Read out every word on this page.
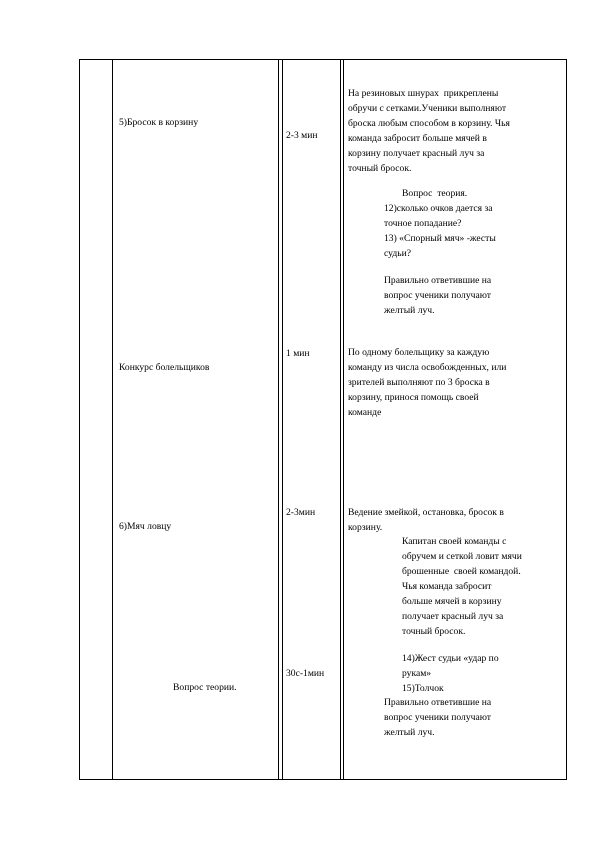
5)Бросок в корзину
Конкурс болельщиков
6)Мяч ловцу
Вопрос теории.
2-3 мин
1 мин
2-3мин
30с-1мин
На резиновых шнурах  прикреплены
обручи с сетками.Ученики выполняют
броска любым способом в корзину. Чья
команда забросит больше мячей в
корзину получает красный луч за
точный бросок.
Вопрос  теория.
12)сколько очков дается за
точное попадание?
13) «Спорный мяч» -жесты
судьи?
Правильно ответившие на
вопрос ученики получают
желтый луч.
По одному болельщику за каждую
команду из числа освобожденных, или
зрителей выполняют по 3 броска в
корзину, принося помощь своей
команде
Ведение змейкой, остановка, бросок в
корзину.
Капитан своей команды с
обручем и сеткой ловит мячи
брошенные  своей командой.
Чья команда забросит
больше мячей в корзину
получает красный луч за
точный бросок.
14)Жест судьи «удар по
рукам»
15)Толчок
Правильно ответившие на
вопрос ученики получают
желтый луч.
